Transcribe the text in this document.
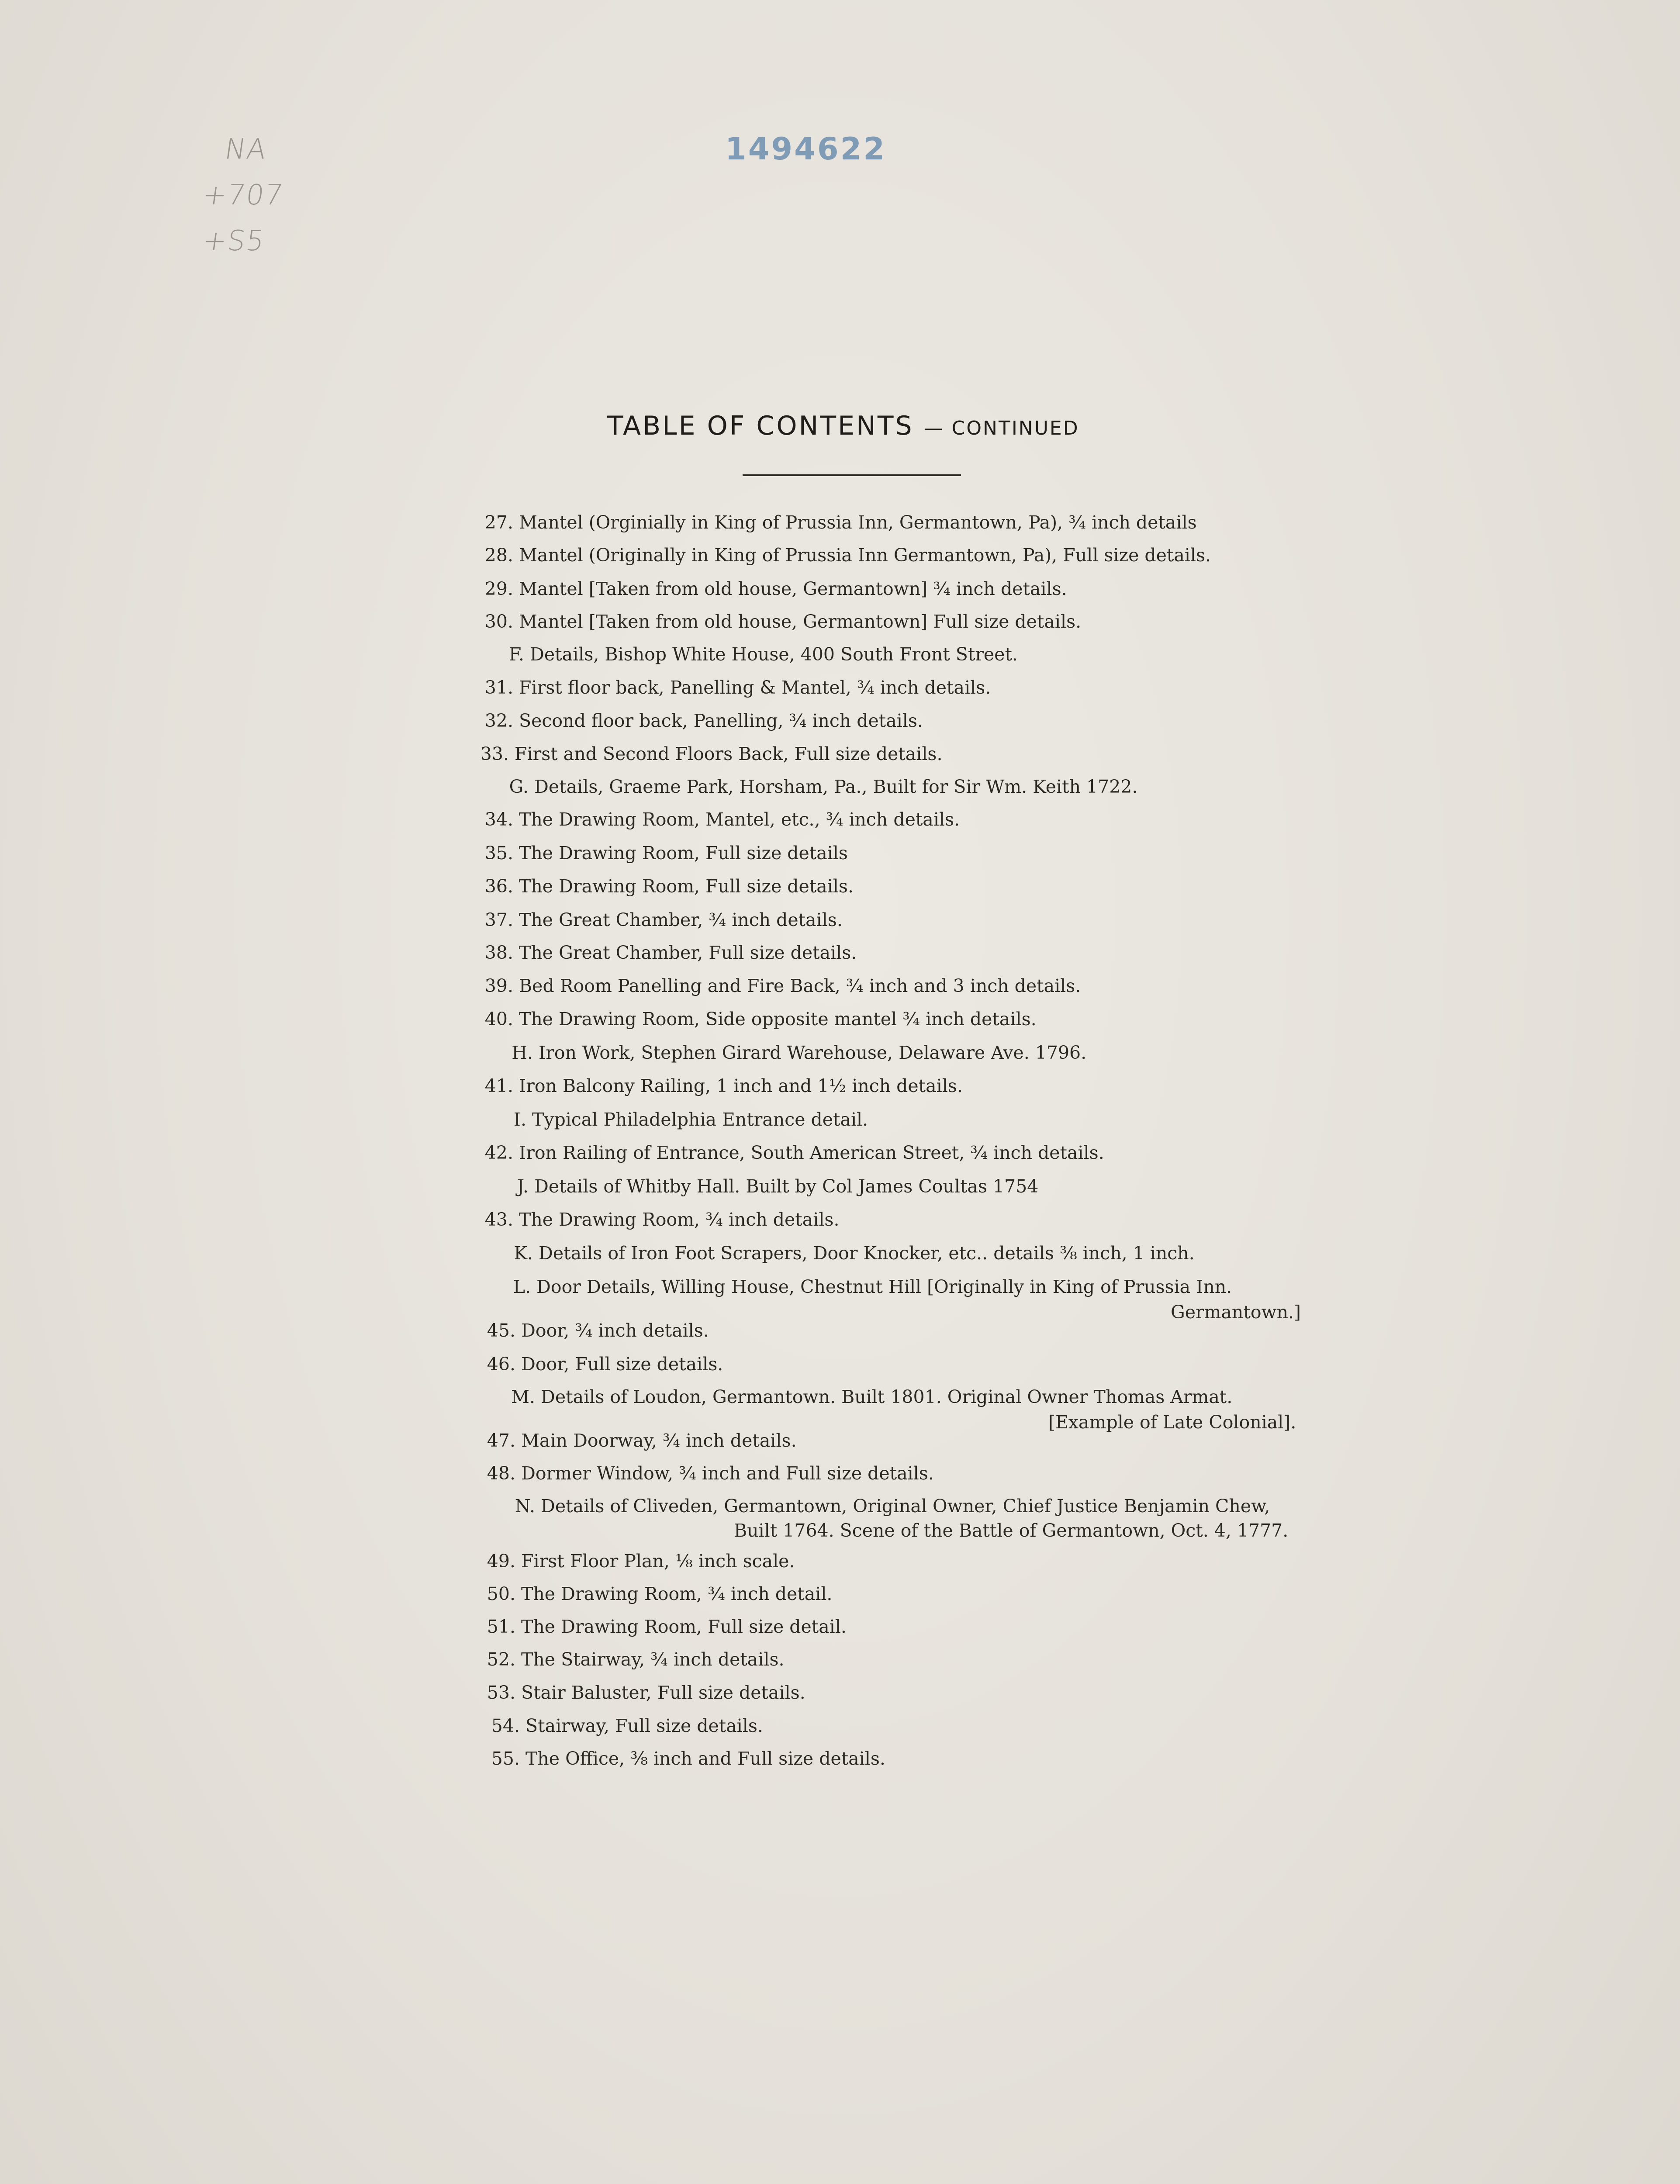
NA
+707
+S5
1494622
TABLE OF CONTENTS — CONTINUED
27. Mantel (Orginially in King of Prussia Inn, Germantown, Pa), ¾ inch details
28. Mantel (Originally in King of Prussia Inn Germantown, Pa), Full size details.
29. Mantel [Taken from old house, Germantown] ¾ inch details.
30. Mantel [Taken from old house, Germantown] Full size details.
F. Details, Bishop White House, 400 South Front Street.
31. First floor back, Panelling & Mantel, ¾ inch details.
32. Second floor back, Panelling, ¾ inch details.
33. First and Second Floors Back, Full size details.
G. Details, Graeme Park, Horsham, Pa., Built for Sir Wm. Keith 1722.
34. The Drawing Room, Mantel, etc., ¾ inch details.
35. The Drawing Room, Full size details
36. The Drawing Room, Full size details.
37. The Great Chamber, ¾ inch details.
38. The Great Chamber, Full size details.
39. Bed Room Panelling and Fire Back, ¾ inch and 3 inch details.
40. The Drawing Room, Side opposite mantel ¾ inch details.
H. Iron Work, Stephen Girard Warehouse, Delaware Ave. 1796.
41. Iron Balcony Railing, 1 inch and 1½ inch details.
I. Typical Philadelphia Entrance detail.
42. Iron Railing of Entrance, South American Street, ¾ inch details.
J. Details of Whitby Hall. Built by Col James Coultas 1754
43. The Drawing Room, ¾ inch details.
K. Details of Iron Foot Scrapers, Door Knocker, etc.. details ⅜ inch, 1 inch.
L. Door Details, Willing House, Chestnut Hill [Originally in King of Prussia Inn.
Germantown.]
45. Door, ¾ inch details.
46. Door, Full size details.
M. Details of Loudon, Germantown. Built 1801. Original Owner Thomas Armat.
[Example of Late Colonial].
47. Main Doorway, ¾ inch details.
48. Dormer Window, ¾ inch and Full size details.
N. Details of Cliveden, Germantown, Original Owner, Chief Justice Benjamin Chew,
Built 1764. Scene of the Battle of Germantown, Oct. 4, 1777.
49. First Floor Plan, ⅛ inch scale.
50. The Drawing Room, ¾ inch detail.
51. The Drawing Room, Full size detail.
52. The Stairway, ¾ inch details.
53. Stair Baluster, Full size details.
54. Stairway, Full size details.
55. The Office, ⅜ inch and Full size details.
